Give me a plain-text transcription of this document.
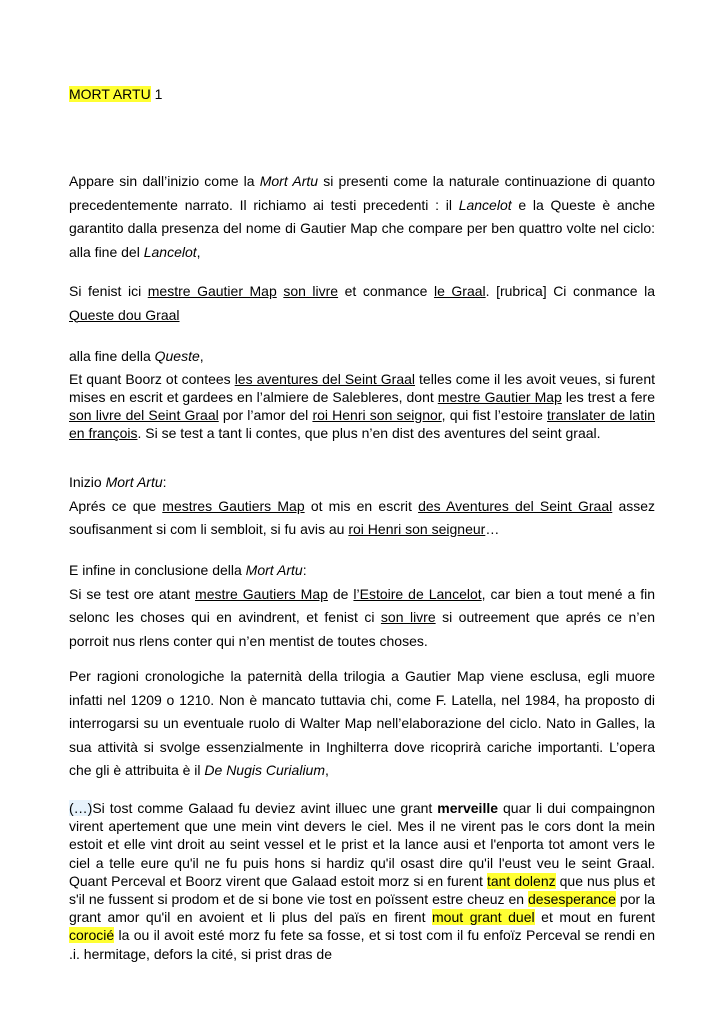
MORT ARTU 1

Appare sin dall’inizio come la Mort Artu si presenti come la naturale continuazione di quanto precedentemente narrato. Il richiamo ai testi precedenti : il Lancelot e la Queste è anche garantito dalla presenza del nome di Gautier Map che compare per ben quattro volte nel ciclo: alla fine del Lancelot,

Si fenist ici mestre Gautier Map son livre et conmance le Graal. [rubrica] Ci conmance la Queste dou Graal

alla fine della Queste,

Et quant Boorz ot contees les aventures del Seint Graal telles come il les avoit veues, si furent mises en escrit et gardees en l’almiere de Salebleres, dont mestre Gautier Map les trest a fere son livre del Seint Graal por l’amor del roi Henri son seignor, qui fist l’estoire translater de latin en françois. Si se test a tant li contes, que plus n’en dist des aventures del seint graal.

Inizio Mort Artu:

Aprés ce que mestres Gautiers Map ot mis en escrit des Aventures del Seint Graal assez soufisanment si com li sembloit, si fu avis au roi Henri son seigneur…

E infine in conclusione della Mort Artu:

Si se test ore atant mestre Gautiers Map de l’Estoire de Lancelot, car bien a tout mené a fin selonc les choses qui en avindrent, et fenist ci son livre si outreement que aprés ce n’en porroit nus rlens conter qui n’en mentist de toutes choses.

Per ragioni cronologiche la paternità della trilogia a Gautier Map viene esclusa, egli muore infatti nel 1209 o 1210. Non è mancato tuttavia chi, come F. Latella, nel 1984, ha proposto di interrogarsi su un eventuale ruolo di Walter Map nell’elaborazione del ciclo. Nato in Galles, la sua attività si svolge essenzialmente in Inghilterra dove ricoprirà cariche importanti. L’opera che gli è attribuita è il De Nugis Curialium,

(…)Si tost comme Galaad fu deviez avint illuec une grant merveille quar li dui compaingnon virent apertement que une mein vint devers le ciel. Mes il ne virent pas le cors dont la mein estoit et elle vint droit au seint vessel et le prist et la lance ausi et l'enporta tot amont vers le ciel a telle eure qu'il ne fu puis hons si hardiz qu'il osast dire qu'il l'eust veu le seint Graal. Quant Perceval et Boorz virent que Galaad estoit morz si en furent tant dolenz que nus plus et s'il ne fussent si prodom et de si bone vie tost en poïssent estre cheuz en desesperance por la grant amor qu'il en avoient et li plus del païs en firent mout grant duel et mout en furent corocié la ou il avoit esté morz fu fete sa fosse, et si tost com il fu enfoïz Perceval se rendi en .i. hermitage, defors la cité, si prist dras de
